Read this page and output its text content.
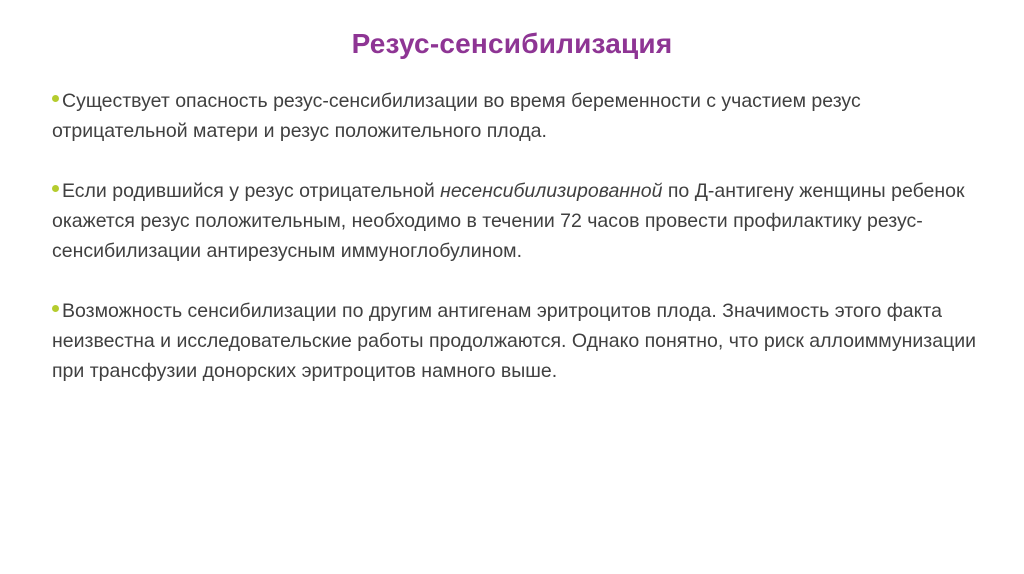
Резус-сенсибилизация
Существует опасность резус-сенсибилизации во время беременности с участием резус отрицательной матери и резус положительного плода.
Если родившийся у резус отрицательной несенсибилизированной по Д-антигену женщины ребенок окажется резус положительным, необходимо в течении 72 часов провести профилактику резус-сенсибилизации антирезусным иммуноглобулином.
Возможность сенсибилизации по другим антигенам эритроцитов плода. Значимость этого факта неизвестна и исследовательские работы продолжаются. Однако понятно, что риск аллоиммунизации при трансфузии донорских эритроцитов намного выше.
